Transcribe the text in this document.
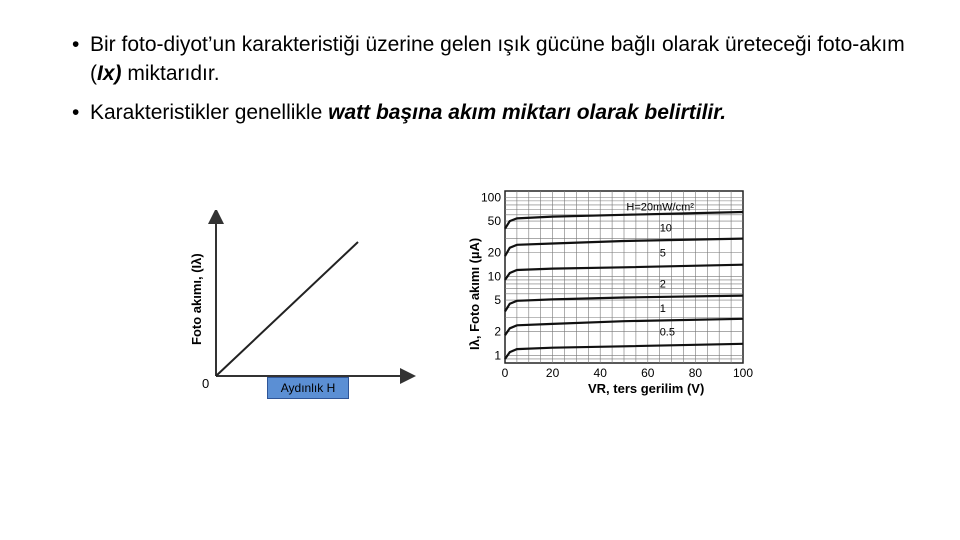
• Bir foto-diyot’un karakteristiği üzerine gelen ışık gücüne bağlı olarak üreteceği foto-akım (Ix) miktarıdır.
• Karakteristikler genellikle watt başına akım miktarı olarak belirtilir.
0
Foto akımı, (Iλ)
Aydınlık H
0	20	40	60	80	100
1
2
5
10
20
50
100
H=20mW/cm²
10
5
2
1
0.5
Iλ, Foto akımı (µA)
VR, ters gerilim (V)
